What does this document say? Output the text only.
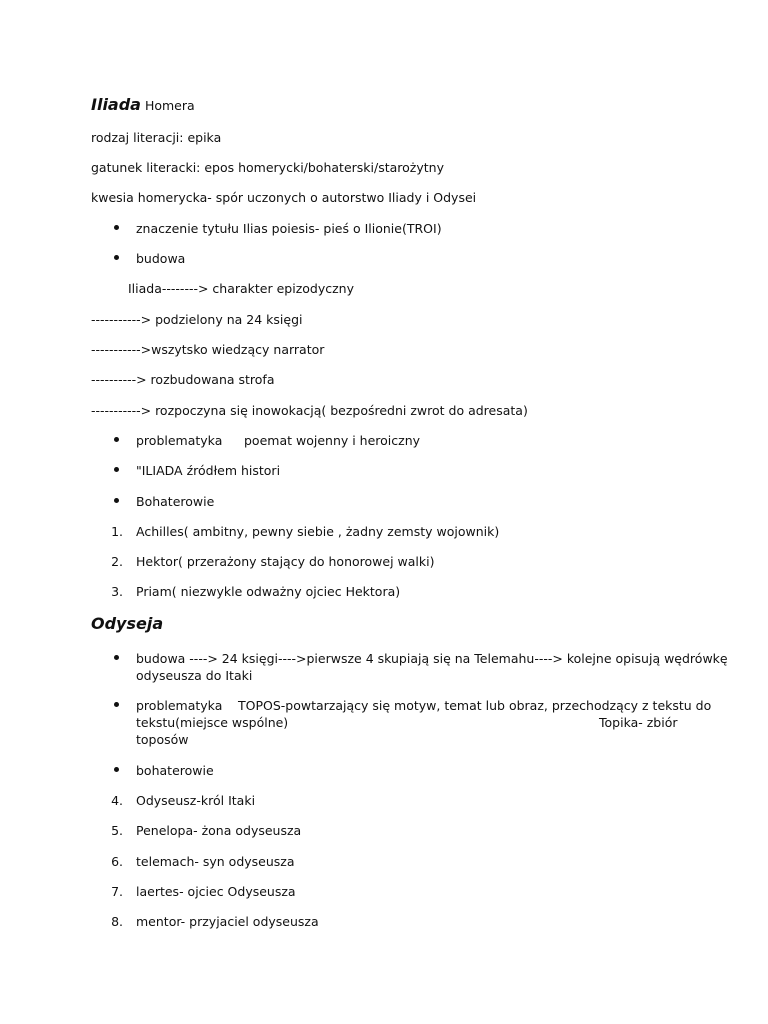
Iliada Homera
rodzaj literacji: epika
gatunek literacki: epos homerycki/bohaterski/starożytny
kwesia homerycka- spór uczonych o autorstwo Iliady i Odysei
znaczenie tytułu Ilias poiesis- pieś o Ilionie(TROI)
budowa
Iliada--------> charakter epizodyczny
-----------> podzielony na 24 księgi
----------->wszytsko wiedzący narrator
----------> rozbudowana strofa
-----------> rozpoczyna się inowokacją( bezpośredni zwrot do adresata)
problematyka poemat wojenny i heroiczny
"ILIADA źródłem histori
Bohaterowie
1. Achilles( ambitny, pewny siebie , żadny zemsty wojownik)
2. Hektor( przerażony stający do honorowej walki)
3. Priam( niezwykle odważny ojciec Hektora)
Odyseja
budowa ----> 24 księgi---->pierwsze 4 skupiają się na Telemahu----> kolejne opisują wędrówkę
odyseusza do Itaki
problematyka TOPOS-powtarzający się motyw, temat lub obraz, przechodzący z tekstu do
tekstu(miejsce wspólne)	Topika- zbiór
toposów
bohaterowie
4. Odyseusz-król Itaki
5. Penelopa- żona odyseusza
6. telemach- syn odyseusza
7. laertes- ojciec Odyseusza
8. mentor- przyjaciel odyseusza
